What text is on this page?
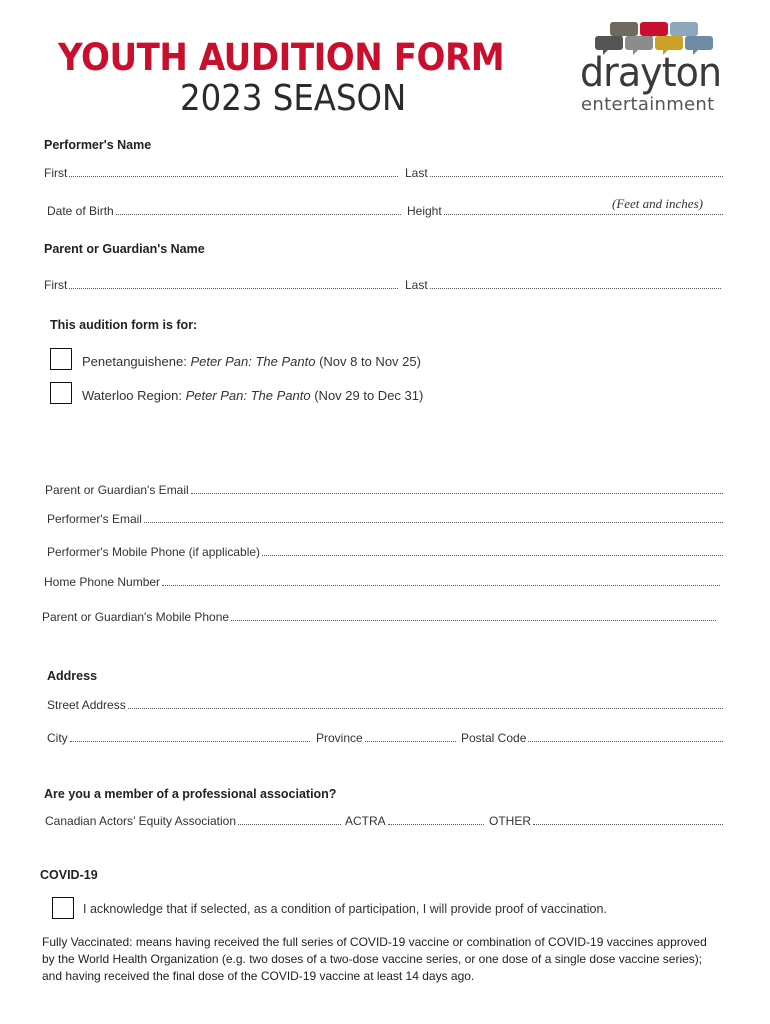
YOUTH AUDITION FORM
2023 SEASON
drayton
entertainment
Performer's Name
First	Last
(Feet and inches)
Date of Birth	Height
Parent or Guardian's Name
First	Last
This audition form is for:
Penetanguishene: Peter Pan: The Panto (Nov 8 to Nov 25)
Waterloo Region: Peter Pan: The Panto (Nov 29 to Dec 31)
Parent or Guardian's Email
Performer's Email
Performer's Mobile Phone (if applicable)
Home Phone Number
Parent or Guardian's Mobile Phone
Address
Street Address
City	Province	Postal Code
Are you a member of a professional association?
Canadian Actors’ Equity Association	ACTRA	OTHER
COVID-19
I acknowledge that if selected, as a condition of participation, I will provide proof of vaccination.
Fully Vaccinated: means having received the full series of COVID-19 vaccine or combination of COVID-19 vaccines approved by the World Health Organization (e.g. two doses of a two-dose vaccine series, or one dose of a single dose vaccine series); and having received the final dose of the COVID-19 vaccine at least 14 days ago.
